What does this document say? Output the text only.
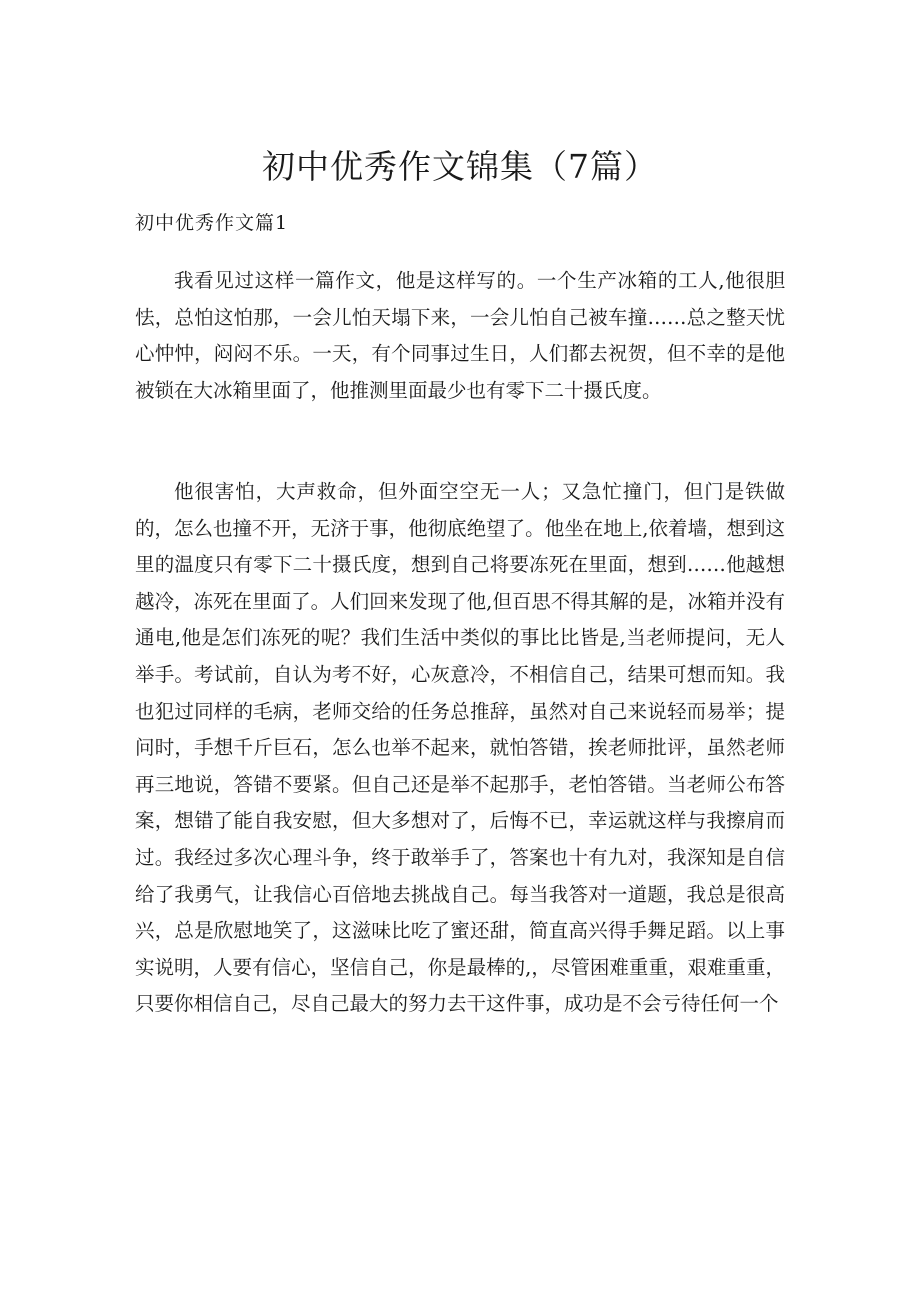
初中优秀作文锦集（7篇）
初中优秀作文篇1

我看见过这样一篇作文，他是这样写的。一个生产冰箱的工人,他很胆怯，总怕这怕那，一会儿怕天塌下来，一会儿怕自己被车撞……总之整天忧心忡忡，闷闷不乐。一天，有个同事过生日，人们都去祝贺，但不幸的是他被锁在大冰箱里面了，他推测里面最少也有零下二十摄氏度。

他很害怕，大声救命，但外面空空无一人；又急忙撞门，但门是铁做的，怎么也撞不开，无济于事，他彻底绝望了。他坐在地上,依着墙，想到这里的温度只有零下二十摄氏度，想到自己将要冻死在里面，想到……他越想越冷，冻死在里面了。人们回来发现了他,但百思不得其解的是，冰箱并没有通电,他是怎们冻死的呢？我们生活中类似的事比比皆是,当老师提问，无人举手。考试前，自认为考不好，心灰意冷，不相信自己，结果可想而知。我也犯过同样的毛病，老师交给的任务总推辞，虽然对自己来说轻而易举；提问时，手想千斤巨石，怎么也举不起来，就怕答错，挨老师批评，虽然老师再三地说，答错不要紧。但自己还是举不起那手，老怕答错。当老师公布答案，想错了能自我安慰，但大多想对了，后悔不已，幸运就这样与我擦肩而过。我经过多次心理斗争，终于敢举手了，答案也十有九对，我深知是自信给了我勇气，让我信心百倍地去挑战自己。每当我答对一道题，我总是很高兴，总是欣慰地笑了，这滋味比吃了蜜还甜，简直高兴得手舞足蹈。以上事实说明，人要有信心，坚信自己，你是最棒的,，尽管困难重重，艰难重重，只要你相信自己，尽自己最大的努力去干这件事，成功是不会亏待任何一个
